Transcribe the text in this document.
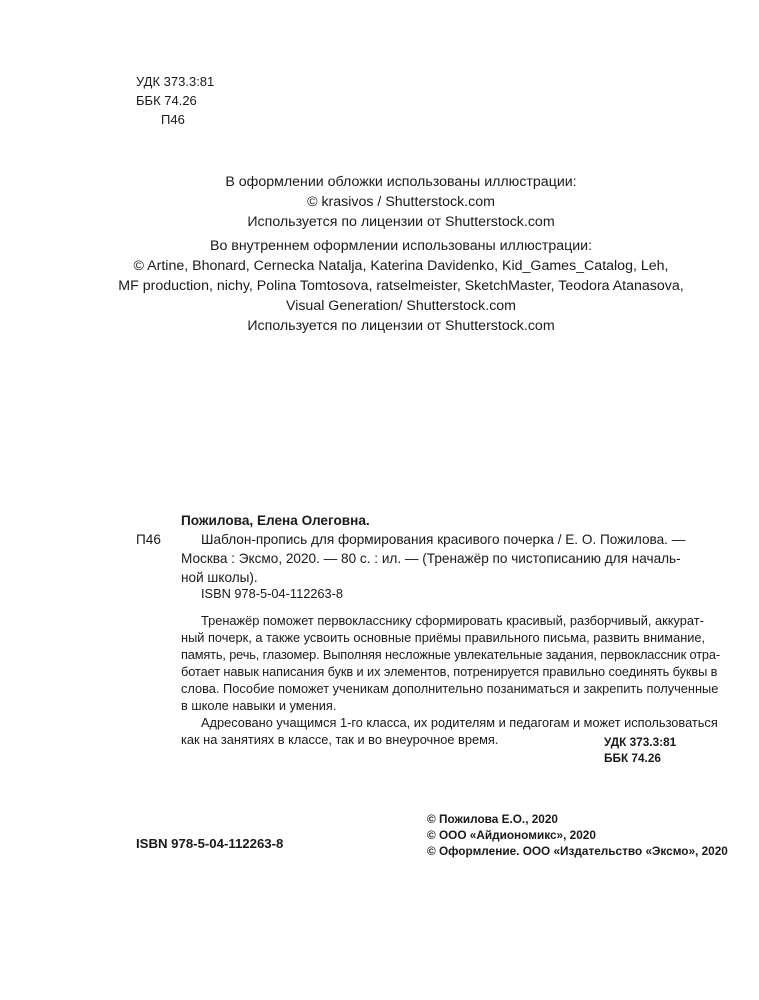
УДК 373.3:81
ББК 74.26
П46
В оформлении обложки использованы иллюстрации:
© krasivos / Shutterstock.com
Используется по лицензии от Shutterstock.com
Во внутреннем оформлении использованы иллюстрации:
© Artine, Bhonard, Cernecka Natalja, Katerina Davidenko, Kid_Games_Catalog, Leh,
MF production, nichy, Polina Tomtosova, ratselmeister, SketchMaster, Teodora Atanasova,
Visual Generation/ Shutterstock.com
Используется по лицензии от Shutterstock.com
П46
Пожилова, Елена Олеговна.
Шаблон-пропись для формирования красивого почерка / Е. О. Пожилова. —
Москва : Эксмо, 2020. — 80 с. : ил. — (Тренажёр по чистописанию для началь-
ной школы).
ISBN 978-5-04-112263-8
Тренажёр поможет первокласснику сформировать красивый, разборчивый, аккурат-
ный почерк, а также усвоить основные приёмы правильного письма, развить внимание,
память, речь, глазомер. Выполняя несложные увлекательные задания, первоклассник отра-
ботает навык написания букв и их элементов, потренируется правильно соединять буквы в
слова. Пособие поможет ученикам дополнительно позаниматься и закрепить полученные
в школе навыки и умения.
Адресовано учащимся 1-го класса, их родителям и педагогам и может использоваться
как на занятиях в классе, так и во внеурочное время.	УДК 373.3:81
ББК 74.26
© Пожилова Е.О., 2020
© ООО «Айдиономикс», 2020
© Оформление. ООО «Издательство «Эксмо», 2020
ISBN 978-5-04-112263-8
